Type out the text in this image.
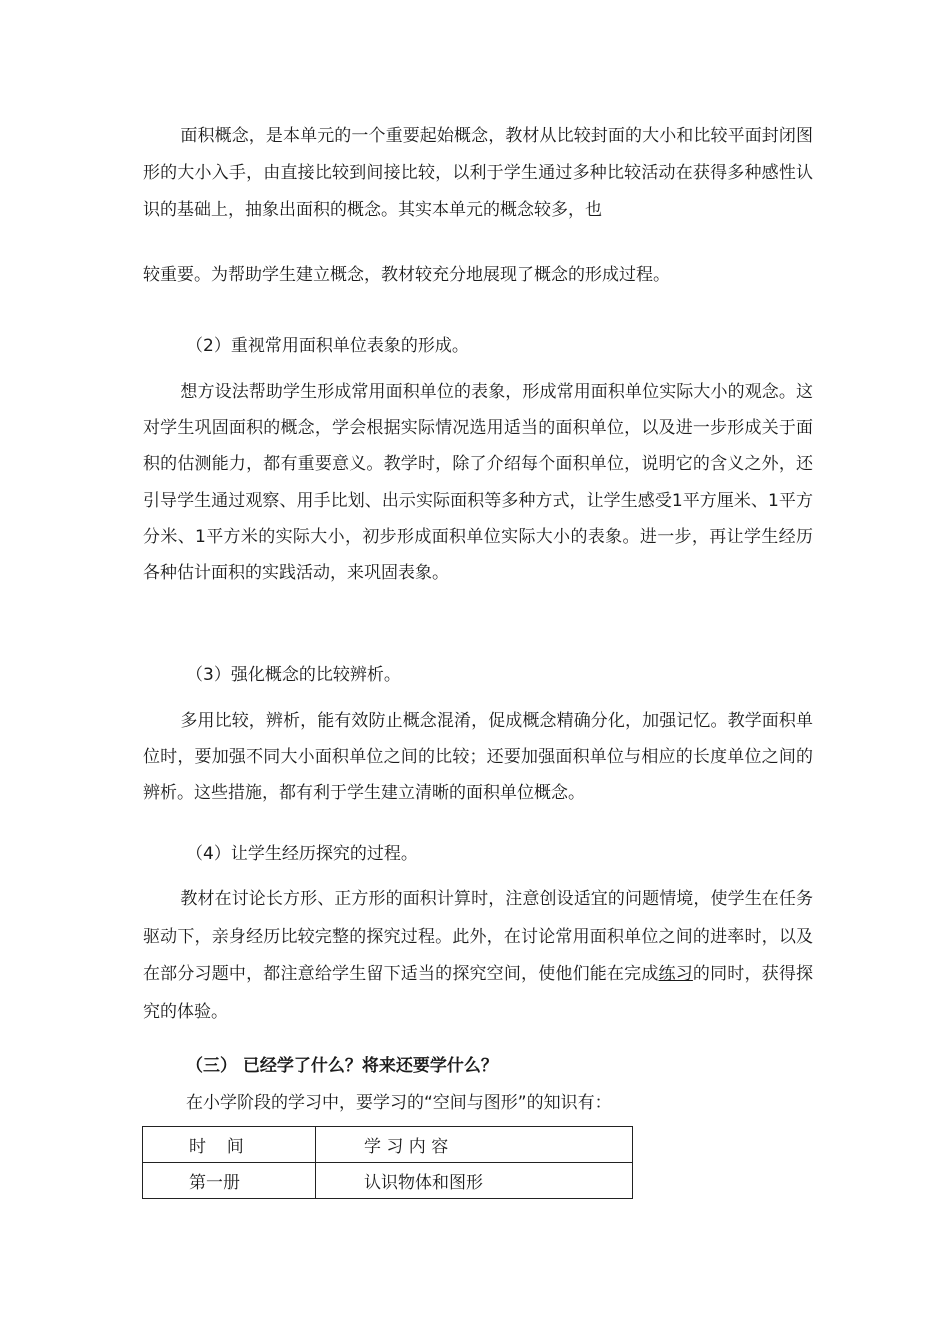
面积概念，是本单元的一个重要起始概念，教材从比较封面的大小和比较平面封闭图形的大小入手，由直接比较到间接比较，以利于学生通过多种比较活动在获得多种感性认识的基础上，抽象出面积的概念。其实本单元的概念较多，也

较重要。为帮助学生建立概念，教材较充分地展现了概念的形成过程。

（2）重视常用面积单位表象的形成。

想方设法帮助学生形成常用面积单位的表象，形成常用面积单位实际大小的观念。这对学生巩固面积的概念，学会根据实际情况选用适当的面积单位，以及进一步形成关于面积的估测能力，都有重要意义。教学时，除了介绍每个面积单位，说明它的含义之外，还引导学生通过观察、用手比划、出示实际面积等多种方式，让学生感受1平方厘米、1平方分米、1平方米的实际大小，初步形成面积单位实际大小的表象。进一步，再让学生经历各种估计面积的实践活动，来巩固表象。

（3）强化概念的比较辨析。

多用比较，辨析，能有效防止概念混淆，促成概念精确分化，加强记忆。教学面积单位时，要加强不同大小面积单位之间的比较；还要加强面积单位与相应的长度单位之间的辨析。这些措施，都有利于学生建立清晰的面积单位概念。

（4）让学生经历探究的过程。

教材在讨论长方形、正方形的面积计算时，注意创设适宜的问题情境，使学生在任务驱动下，亲身经历比较完整的探究过程。此外，在讨论常用面积单位之间的进率时，以及在部分习题中，都注意给学生留下适当的探究空间，使他们能在完成练习的同时，获得探究的体验。

（三） 已经学了什么？将来还要学什么？

在小学阶段的学习中，要学习的“空间与图形”的知识有：

时 间	学 习 内 容
第一册	认识物体和图形
